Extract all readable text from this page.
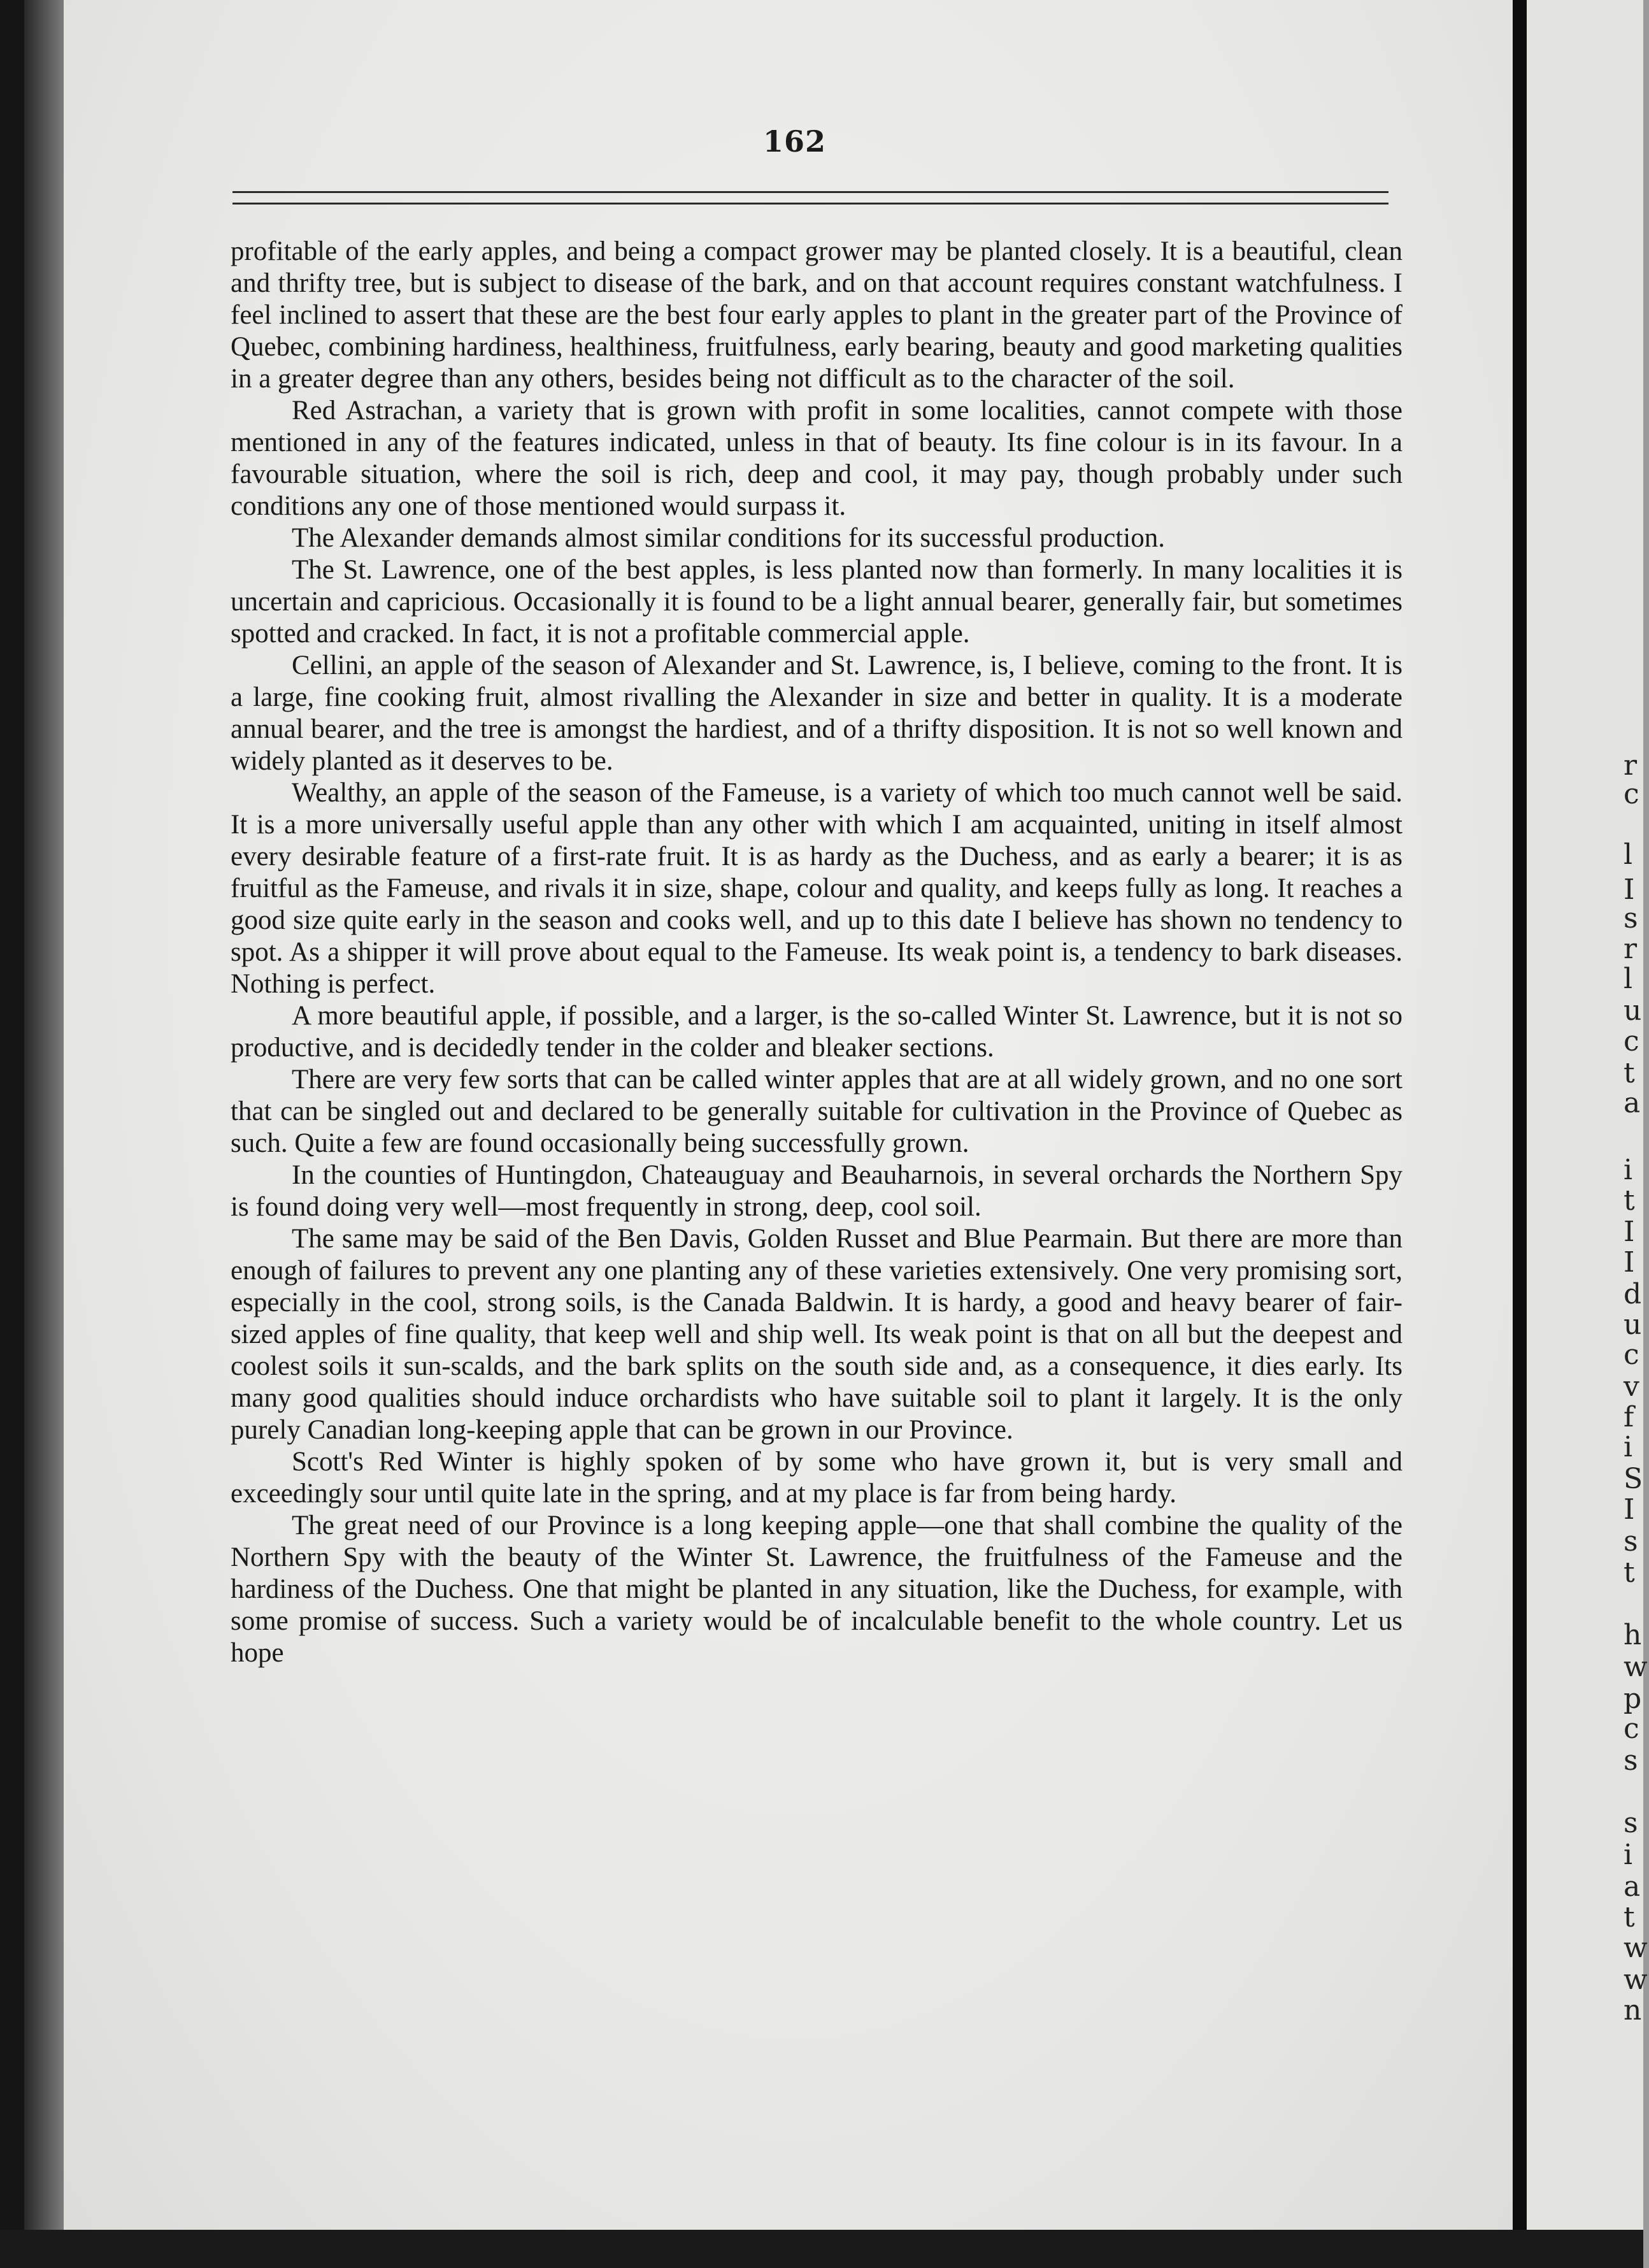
162

profitable of the early apples, and being a compact grower may be planted closely. It is a beautiful, clean and thrifty tree, but is subject to disease of the bark, and on that account requires constant watchfulness. I feel inclined to assert that these are the best four early apples to plant in the greater part of the Province of Quebec, combining hardiness, healthiness, fruitfulness, early bearing, beauty and good marketing qualities in a greater degree than any others, besides being not difficult as to the character of the soil.

Red Astrachan, a variety that is grown with profit in some localities, cannot compete with those mentioned in any of the features indicated, unless in that of beauty. Its fine colour is in its favour. In a favourable situation, where the soil is rich, deep and cool, it may pay, though probably under such conditions any one of those mentioned would surpass it.

The Alexander demands almost similar conditions for its successful production.

The St. Lawrence, one of the best apples, is less planted now than formerly. In many localities it is uncertain and capricious. Occasionally it is found to be a light annual bearer, generally fair, but sometimes spotted and cracked. In fact, it is not a profitable commercial apple.

Cellini, an apple of the season of Alexander and St. Lawrence, is, I believe, coming to the front. It is a large, fine cooking fruit, almost rivalling the Alexander in size and better in quality. It is a moderate annual bearer, and the tree is amongst the hardiest, and of a thrifty disposition. It is not so well known and widely planted as it deserves to be.

Wealthy, an apple of the season of the Fameuse, is a variety of which too much cannot well be said. It is a more universally useful apple than any other with which I am acquainted, uniting in itself almost every desirable feature of a first-rate fruit. It is as hardy as the Duchess, and as early a bearer; it is as fruitful as the Fameuse, and rivals it in size, shape, colour and quality, and keeps fully as long. It reaches a good size quite early in the season and cooks well, and up to this date I believe has shown no tendency to spot. As a shipper it will prove about equal to the Fameuse. Its weak point is, a tendency to bark diseases. Nothing is perfect.

A more beautiful apple, if possible, and a larger, is the so-called Winter St. Lawrence, but it is not so productive, and is decidedly tender in the colder and bleaker sections.

There are very few sorts that can be called winter apples that are at all widely grown, and no one sort that can be singled out and declared to be generally suitable for cultivation in the Province of Quebec as such. Quite a few are found occasionally being successfully grown.

In the counties of Huntingdon, Chateauguay and Beauharnois, in several orchards the Northern Spy is found doing very well—most frequently in strong, deep, cool soil.

The same may be said of the Ben Davis, Golden Russet and Blue Pearmain. But there are more than enough of failures to prevent any one planting any of these varieties extensively. One very promising sort, especially in the cool, strong soils, is the Canada Baldwin. It is hardy, a good and heavy bearer of fair-sized apples of fine quality, that keep well and ship well. Its weak point is that on all but the deepest and coolest soils it sun-scalds, and the bark splits on the south side and, as a consequence, it dies early. Its many good qualities should induce orchardists who have suitable soil to plant it largely. It is the only purely Canadian long-keeping apple that can be grown in our Province.

Scott's Red Winter is highly spoken of by some who have grown it, but is very small and exceedingly sour until quite late in the spring, and at my place is far from being hardy.

The great need of our Province is a long keeping apple—one that shall combine the quality of the Northern Spy with the beauty of the Winter St. Lawrence, the fruitfulness of the Fameuse and the hardiness of the Duchess. One that might be planted in any situation, like the Duchess, for example, with some promise of success. Such a variety would be of incalculable benefit to the whole country. Let us hope

r
c
l
I
s
r
l
u
c
t
a
i
t
I
I
d
u
c
v
f
i
S
I
s
t
h
w
p
c
s
s
i
a
t
w
w
n
